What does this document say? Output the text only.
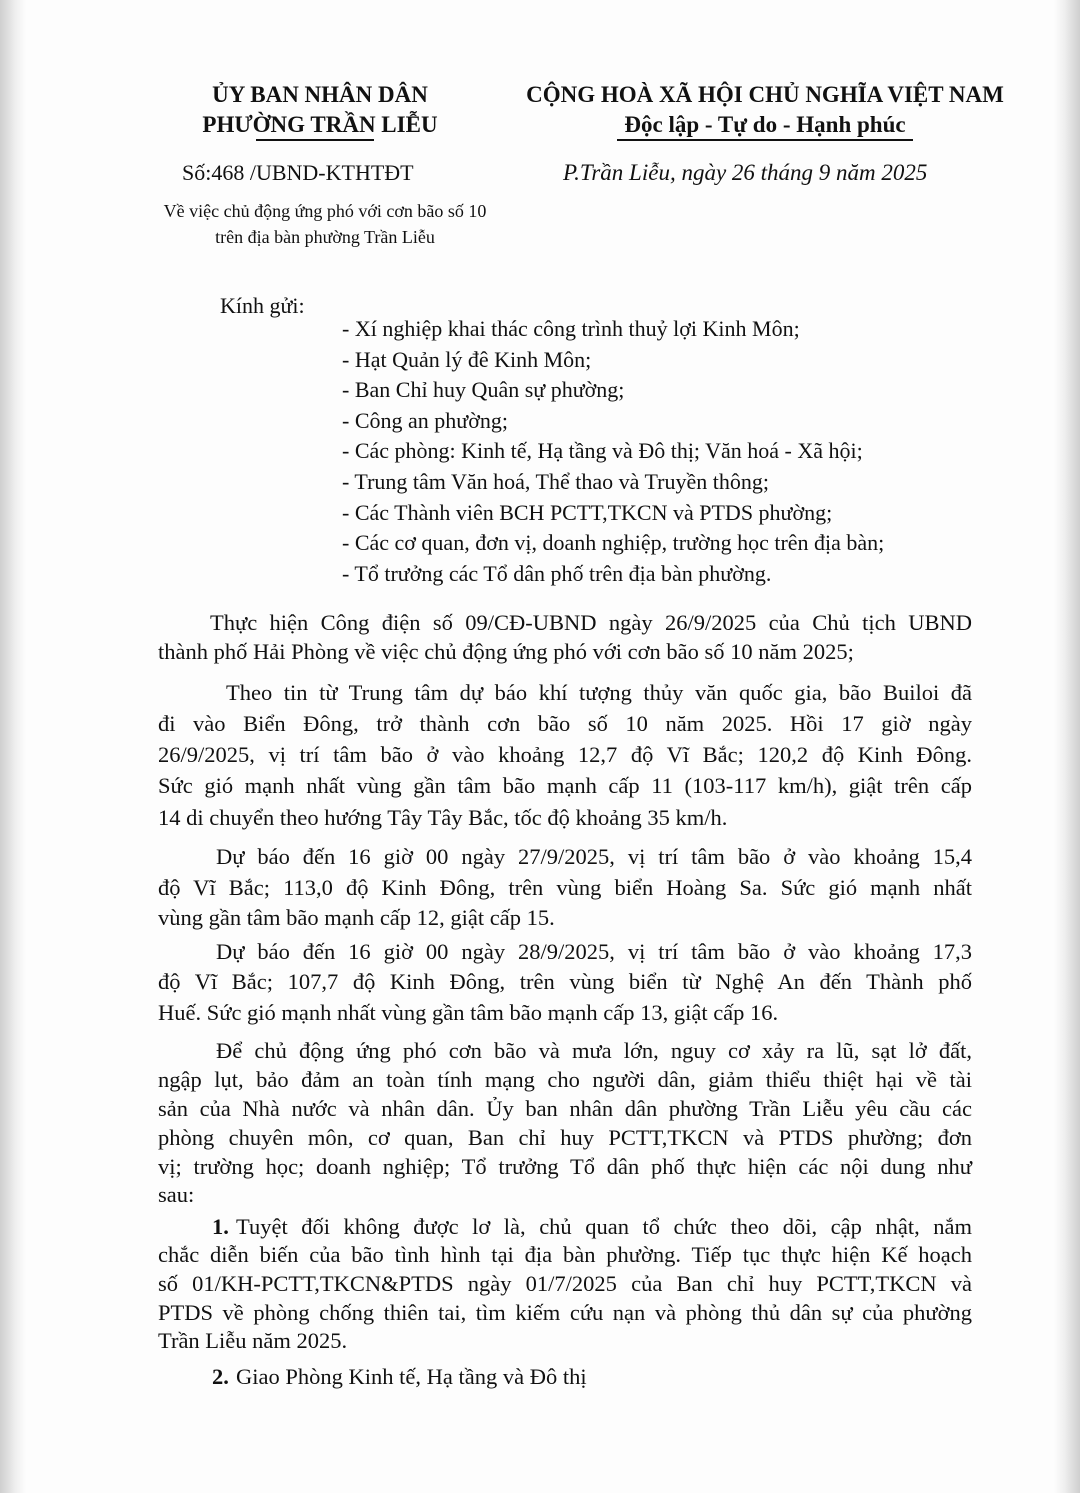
ỦY BAN NHÂN DÂN
PHƯỜNG TRẦN LIỄU
CỘNG HOÀ XÃ HỘI CHỦ NGHĨA VIỆT NAM
Độc lập - Tự do - Hạnh phúc
Số:468 /UBND-KTHTĐT	P.Trần Liễu, ngày 26 tháng 9 năm 2025
Về việc chủ động ứng phó với cơn bão số 10
trên địa bàn phường Trần Liễu
Kính gửi:
- Xí nghiệp khai thác công trình thuỷ lợi Kinh Môn;
- Hạt Quản lý đê Kinh Môn;
- Ban Chỉ huy Quân sự phường;
- Công an phường;
- Các phòng: Kinh tế, Hạ tầng và Đô thị; Văn hoá - Xã hội;
- Trung tâm Văn hoá, Thể thao và Truyền thông;
- Các Thành viên BCH PCTT,TKCN và PTDS phường;
- Các cơ quan, đơn vị, doanh nghiệp, trường học trên địa bàn;
- Tổ trưởng các Tổ dân phố trên địa bàn phường.
Thực hiện Công điện số 09/CĐ-UBND ngày 26/9/2025 của Chủ tịch UBND
thành phố Hải Phòng về việc chủ động ứng phó với cơn bão số 10 năm 2025;
Theo tin từ Trung tâm dự báo khí tượng thủy văn quốc gia, bão Builoi đã
đi vào Biển Đông, trở thành cơn bão số 10 năm 2025. Hồi 17 giờ ngày
26/9/2025, vị trí tâm bão ở vào khoảng 12,7 độ Vĩ Bắc; 120,2 độ Kinh Đông.
Sức gió mạnh nhất vùng gần tâm bão mạnh cấp 11 (103-117 km/h), giật trên cấp
14 di chuyển theo hướng Tây Tây Bắc, tốc độ khoảng 35 km/h.
Dự báo đến 16 giờ 00 ngày 27/9/2025, vị trí tâm bão ở vào khoảng 15,4
độ Vĩ Bắc; 113,0 độ Kinh Đông, trên vùng biển Hoàng Sa. Sức gió mạnh nhất
vùng gần tâm bão mạnh cấp 12, giật cấp 15.
Dự báo đến 16 giờ 00 ngày 28/9/2025, vị trí tâm bão ở vào khoảng 17,3
độ Vĩ Bắc; 107,7 độ Kinh Đông, trên vùng biển từ Nghệ An đến Thành phố
Huế. Sức gió mạnh nhất vùng gần tâm bão mạnh cấp 13, giật cấp 16.
Để chủ động ứng phó cơn bão và mưa lớn, nguy cơ xảy ra lũ, sạt lở đất,
ngập lụt, bảo đảm an toàn tính mạng cho người dân, giảm thiểu thiệt hại về tài
sản của Nhà nước và nhân dân. Ủy ban nhân dân phường Trần Liễu yêu cầu các
phòng chuyên môn, cơ quan, Ban chỉ huy PCTT,TKCN và PTDS phường; đơn
vị; trường học; doanh nghiệp; Tổ trưởng Tổ dân phố thực hiện các nội dung như
sau:
1. Tuyệt đối không được lơ là, chủ quan tổ chức theo dõi, cập nhật, nắm
chắc diễn biến của bão tình hình tại địa bàn phường. Tiếp tục thực hiện Kế hoạch
số 01/KH-PCTT,TKCN&PTDS ngày 01/7/2025 của Ban chỉ huy PCTT,TKCN và
PTDS về phòng chống thiên tai, tìm kiếm cứu nạn và phòng thủ dân sự của phường
Trần Liễu năm 2025.
2. Giao Phòng Kinh tế, Hạ tầng và Đô thị
